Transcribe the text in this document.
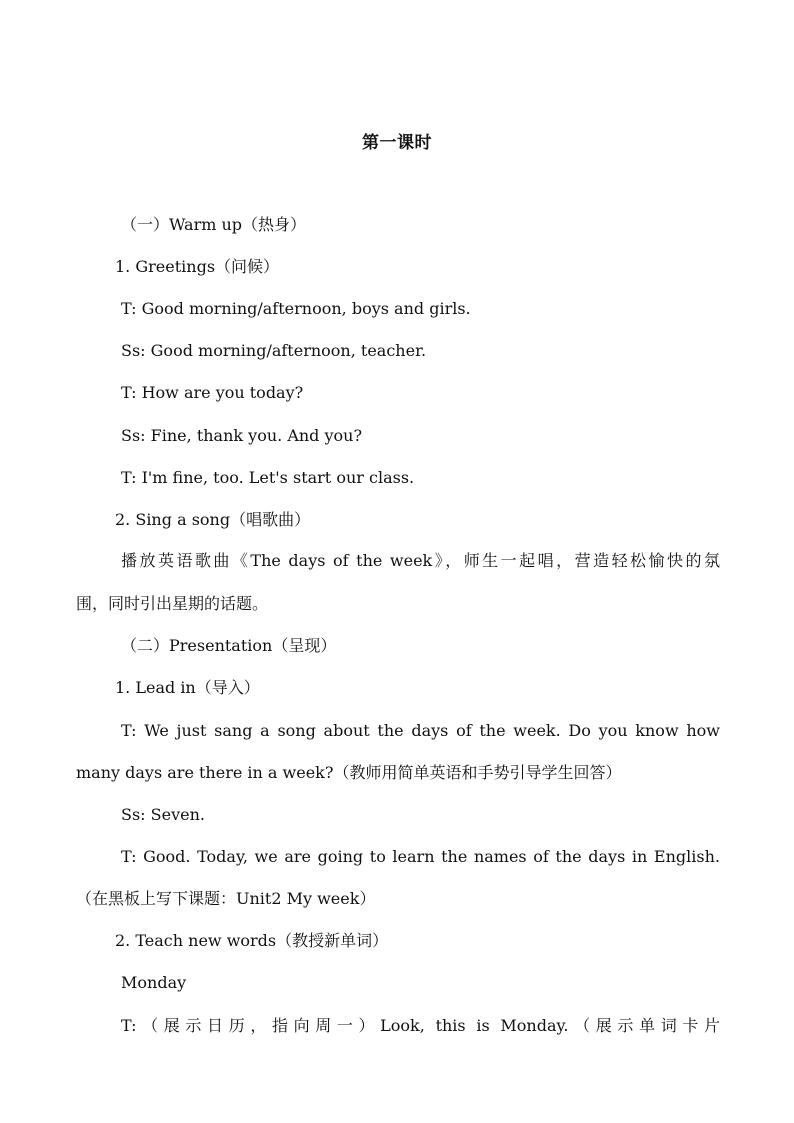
第一课时
（一）Warm up（热身）
1. Greetings（问候）
T: Good morning/afternoon, boys and girls.
Ss: Good morning/afternoon, teacher.
T: How are you today?
Ss: Fine, thank you. And you?
T: I'm fine, too. Let's start our class.
2. Sing a song（唱歌曲）
播放英语歌曲《The days of the week》，师生一起唱，营造轻松愉快的氛
围，同时引出星期的话题。
（二）Presentation（呈现）
1. Lead in（导入）
T: We just sang a song about the days of the week. Do you know how
many days are there in a week?（教师用简单英语和手势引导学生回答）
Ss: Seven.
T: Good. Today, we are going to learn the names of the days in English.
（在黑板上写下课题：Unit2 My week）
2. Teach new words（教授新单词）
Monday
T:（展示日历，指向周一）Look, this is Monday.（展示单词卡片
